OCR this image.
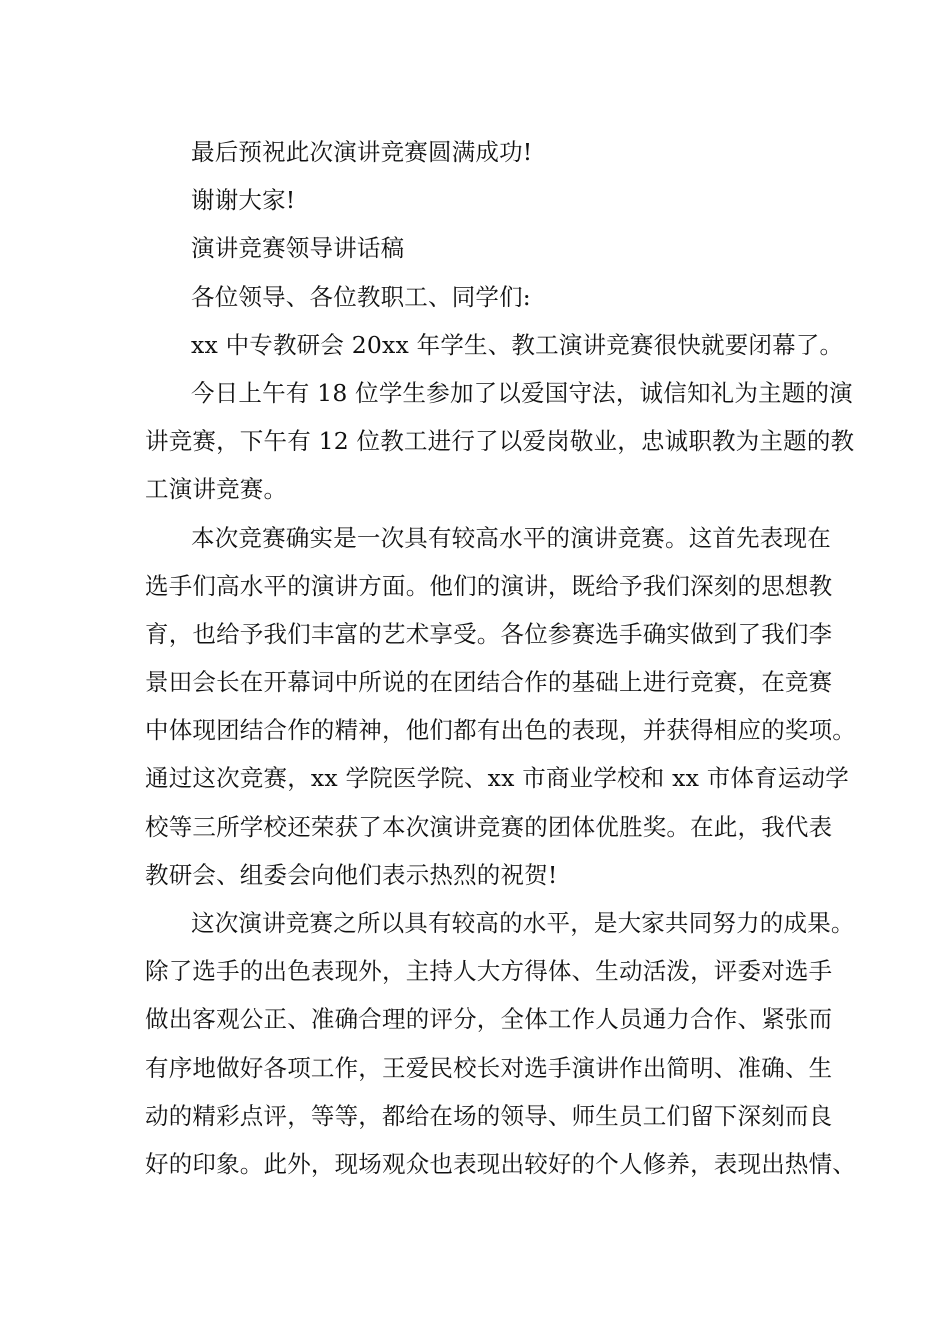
最后预祝此次演讲竞赛圆满成功!
谢谢大家!
演讲竞赛领导讲话稿
各位领导、各位教职工、同学们:
xx 中专教研会 20xx 年学生、教工演讲竞赛很快就要闭幕了。
今日上午有 18 位学生参加了以爱国守法，诚信知礼为主题的演
讲竞赛，下午有 12 位教工进行了以爱岗敬业，忠诚职教为主题的教
工演讲竞赛。
本次竞赛确实是一次具有较高水平的演讲竞赛。这首先表现在
选手们高水平的演讲方面。他们的演讲，既给予我们深刻的思想教
育，也给予我们丰富的艺术享受。各位参赛选手确实做到了我们李
景田会长在开幕词中所说的在团结合作的基础上进行竞赛，在竞赛
中体现团结合作的精神，他们都有出色的表现，并获得相应的奖项。
通过这次竞赛，xx 学院医学院、xx 市商业学校和 xx 市体育运动学
校等三所学校还荣获了本次演讲竞赛的团体优胜奖。在此，我代表
教研会、组委会向他们表示热烈的祝贺!
这次演讲竞赛之所以具有较高的水平，是大家共同努力的成果。
除了选手的出色表现外，主持人大方得体、生动活泼，评委对选手
做出客观公正、准确合理的评分，全体工作人员通力合作、紧张而
有序地做好各项工作，王爱民校长对选手演讲作出简明、准确、生
动的精彩点评，等等，都给在场的领导、师生员工们留下深刻而良
好的印象。此外，现场观众也表现出较好的个人修养，表现出热情、
